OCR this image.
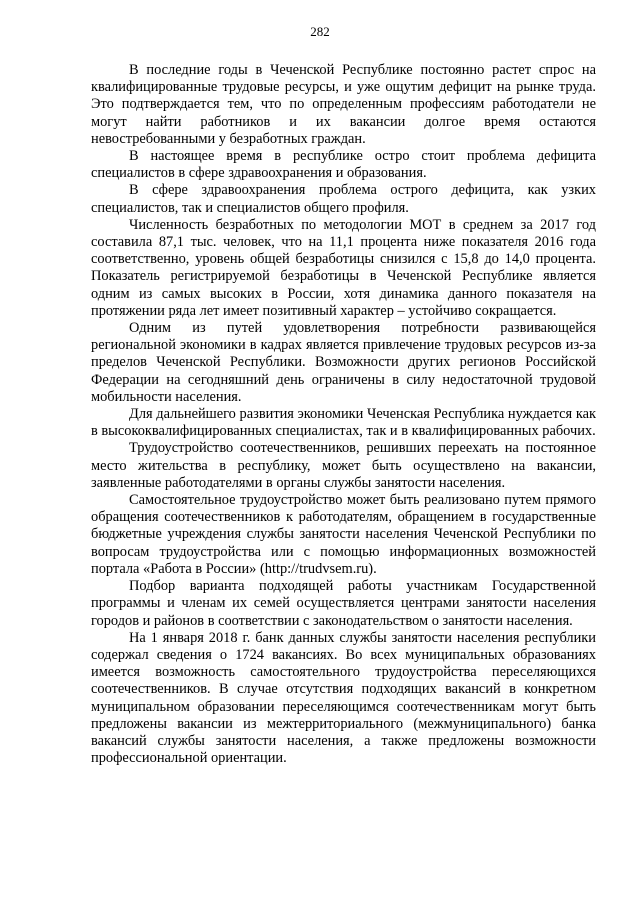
282

В последние годы в Чеченской Республике постоянно растет спрос на квалифицированные трудовые ресурсы, и уже ощутим дефицит на рынке труда. Это подтверждается тем, что по определенным профессиям работодатели не могут найти работников и их вакансии долгое время остаются невостребованными у безработных граждан.

В настоящее время в республике остро стоит проблема дефицита специалистов в сфере здравоохранения и образования.

В сфере здравоохранения проблема острого дефицита, как узких специалистов, так и специалистов общего профиля.

Численность безработных по методологии МОТ в среднем за 2017 год составила 87,1 тыс. человек, что на 11,1 процента ниже показателя 2016 года соответственно, уровень общей безработицы снизился с 15,8 до 14,0 процента. Показатель регистрируемой безработицы в Чеченской Республике является одним из самых высоких в России, хотя динамика данного показателя на протяжении ряда лет имеет позитивный характер – устойчиво сокращается.

Одним из путей удовлетворения потребности развивающейся региональной экономики в кадрах является привлечение трудовых ресурсов из-за пределов Чеченской Республики. Возможности других регионов Российской Федерации на сегодняшний день ограничены в силу недостаточной трудовой мобильности населения.

Для дальнейшего развития экономики Чеченская Республика нуждается как в высококвалифицированных специалистах, так и в квалифицированных рабочих.

Трудоустройство соотечественников, решивших переехать на постоянное место жительства в республику, может быть осуществлено на вакансии, заявленные работодателями в органы службы занятости населения.

Самостоятельное трудоустройство может быть реализовано путем прямого обращения соотечественников к работодателям, обращением в государственные бюджетные учреждения службы занятости населения Чеченской Республики по вопросам трудоустройства или с помощью информационных возможностей портала «Работа в России» (http://trudvsem.ru).

Подбор варианта подходящей работы участникам Государственной программы и членам их семей осуществляется центрами занятости населения городов и районов в соответствии с законодательством о занятости населения.

На 1 января 2018 г. банк данных службы занятости населения республики содержал сведения о 1724 вакансиях. Во всех муниципальных образованиях имеется возможность самостоятельного трудоустройства переселяющихся соотечественников. В случае отсутствия подходящих вакансий в конкретном муниципальном образовании переселяющимся соотечественникам могут быть предложены вакансии из межтерриториального (межмуниципального) банка вакансий службы занятости населения, а также предложены возможности профессиональной ориентации.
